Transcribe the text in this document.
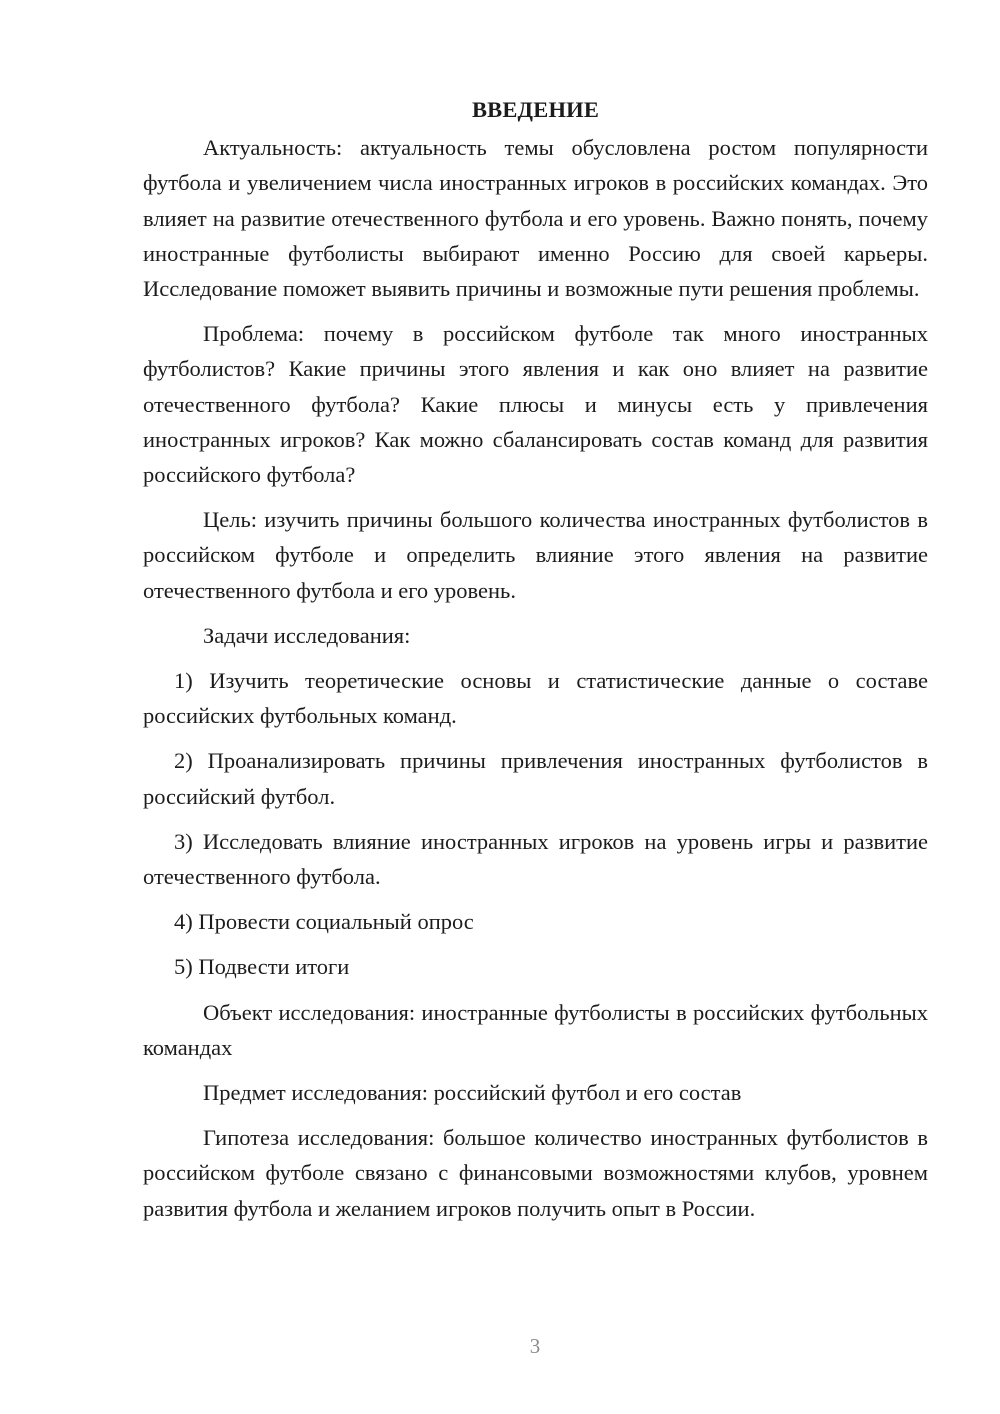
ВВЕДЕНИЕ

Актуальность: актуальность темы обусловлена ростом популярности футбола и увеличением числа иностранных игроков в российских командах. Это влияет на развитие отечественного футбола и его уровень. Важно понять, почему иностранные футболисты выбирают именно Россию для своей карьеры. Исследование поможет выявить причины и возможные пути решения проблемы.

Проблема: почему в российском футболе так много иностранных футболистов? Какие причины этого явления и как оно влияет на развитие отечественного футбола? Какие плюсы и минусы есть у привлечения иностранных игроков? Как можно сбалансировать состав команд для развития российского футбола?

Цель: изучить причины большого количества иностранных футболистов в российском футболе и определить влияние этого явления на развитие отечественного футбола и его уровень.

Задачи исследования:

1) Изучить теоретические основы и статистические данные о составе российских футбольных команд.

2) Проанализировать причины привлечения иностранных футболистов в российский футбол.

3) Исследовать влияние иностранных игроков на уровень игры и развитие отечественного футбола.

4) Провести социальный опрос

5) Подвести итоги

Объект исследования: иностранные футболисты в российских футбольных командах

Предмет исследования: российский футбол и его состав

Гипотеза исследования: большое количество иностранных футболистов в российском футболе связано с финансовыми возможностями клубов, уровнем развития футбола и желанием игроков получить опыт в России.

3
